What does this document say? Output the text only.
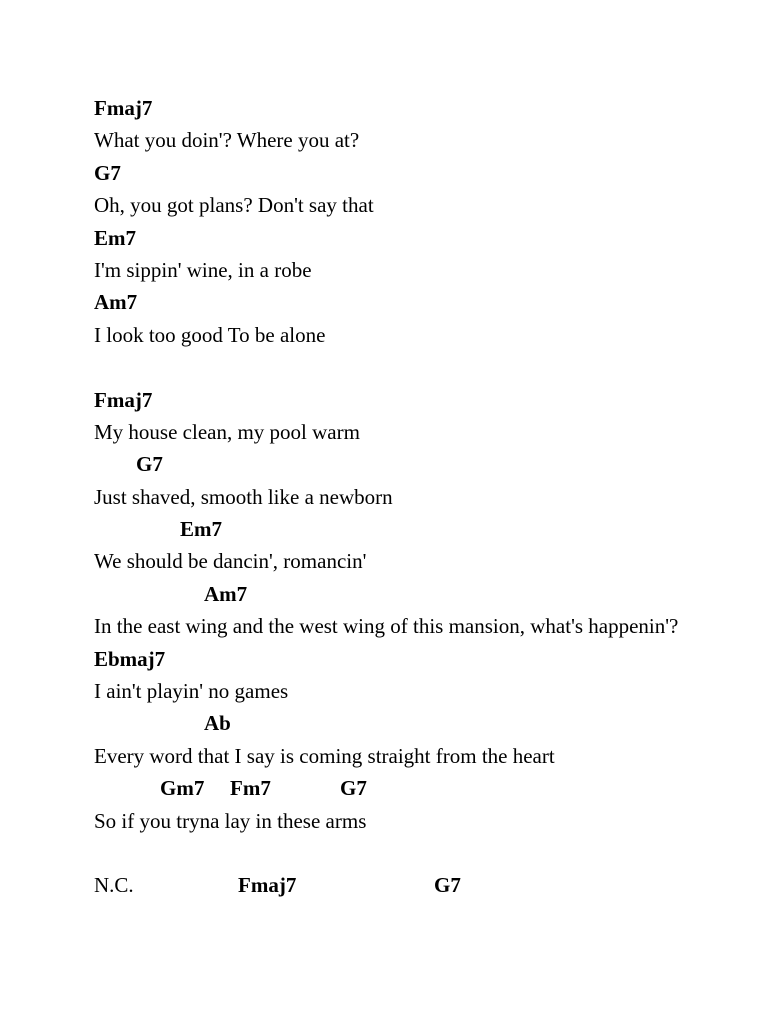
Fmaj7
What you doin'? Where you at?
G7
Oh, you got plans? Don't say that
Em7
I'm sippin' wine, in a robe
Am7
I look too good To be alone
Fmaj7
My house clean, my pool warm
G7
Just shaved, smooth like a newborn
Em7
We should be dancin', romancin'
Am7
In the east wing and the west wing of this mansion, what's happenin'?
Ebmaj7
I ain't playin' no games
Ab
Every word that I say is coming straight from the heart

Gm7

Fm7

	G7

So if you tryna lay in these arms

N.C.

	Fmaj7

	G7
